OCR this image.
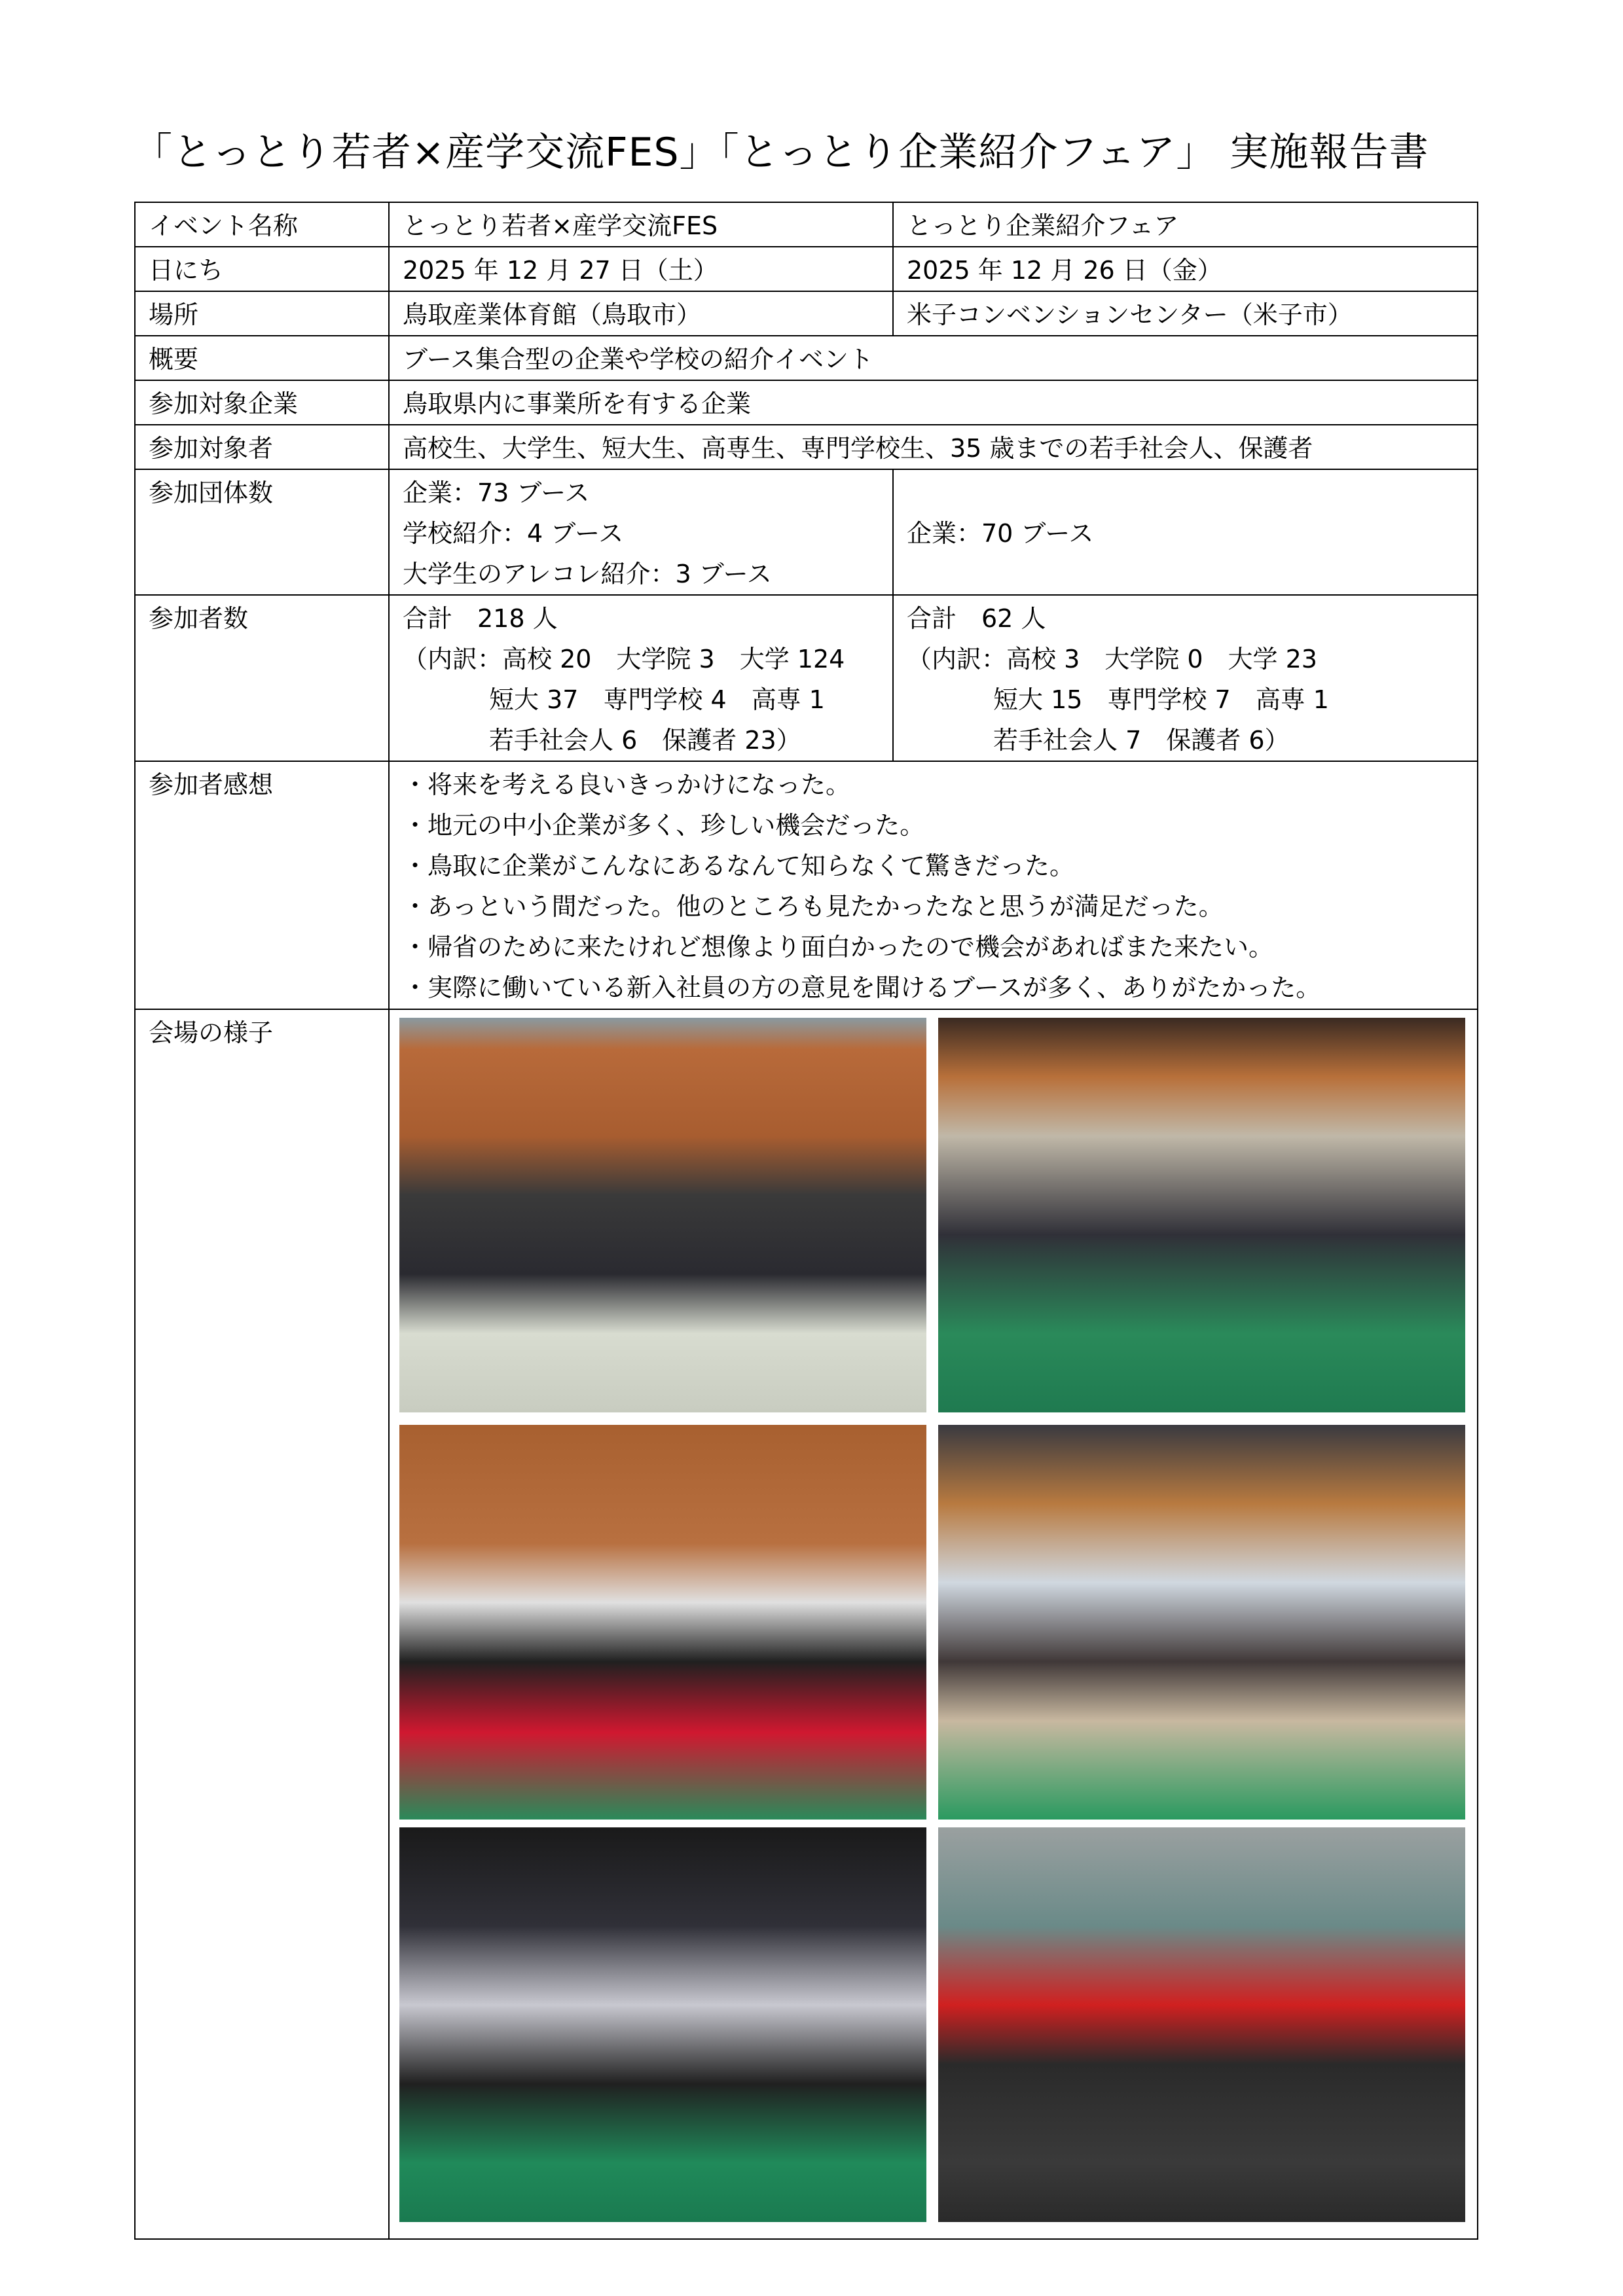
「とっとり若者×産学交流FES」「とっとり企業紹介フェア」 実施報告書
イベント名称	とっとり若者×産学交流FES	とっとり企業紹介フェア
日にち	2025 年 12 月 27 日（土）	2025 年 12 月 26 日（金）
場所	鳥取産業体育館（鳥取市）	米子コンベンションセンター（米子市）
概要	ブース集合型の企業や学校の紹介イベント
参加対象企業	鳥取県内に事業所を有する企業
参加対象者	高校生、大学生、短大生、高専生、専門学校生、35 歳までの若手社会人、保護者
参加団体数	企業：73 ブース
学校紹介：4 ブース
大学生のアレコレ紹介：3 ブース
	企業：70 ブース
参加者数	合計　218 人
（内訳：高校 20　大学院 3　大学 124
短大 37　専門学校 4　高専 1
若手社会人 6　保護者 23）

合計　62 人
（内訳：高校 3　大学院 0　大学 23
短大 15　専門学校 7　高専 1
若手社会人 7　保護者 6）

参加者感想	・将来を考える良いきっかけになった。
・地元の中小企業が多く、珍しい機会だった。
・鳥取に企業がこんなにあるなんて知らなくて驚きだった。
・あっという間だった。他のところも見たかったなと思うが満足だった。
・帰省のために来たけれど想像より面白かったので機会があればまた来たい。
・実際に働いている新入社員の方の意見を聞けるブースが多く、ありがたかった。

会場の様子	
